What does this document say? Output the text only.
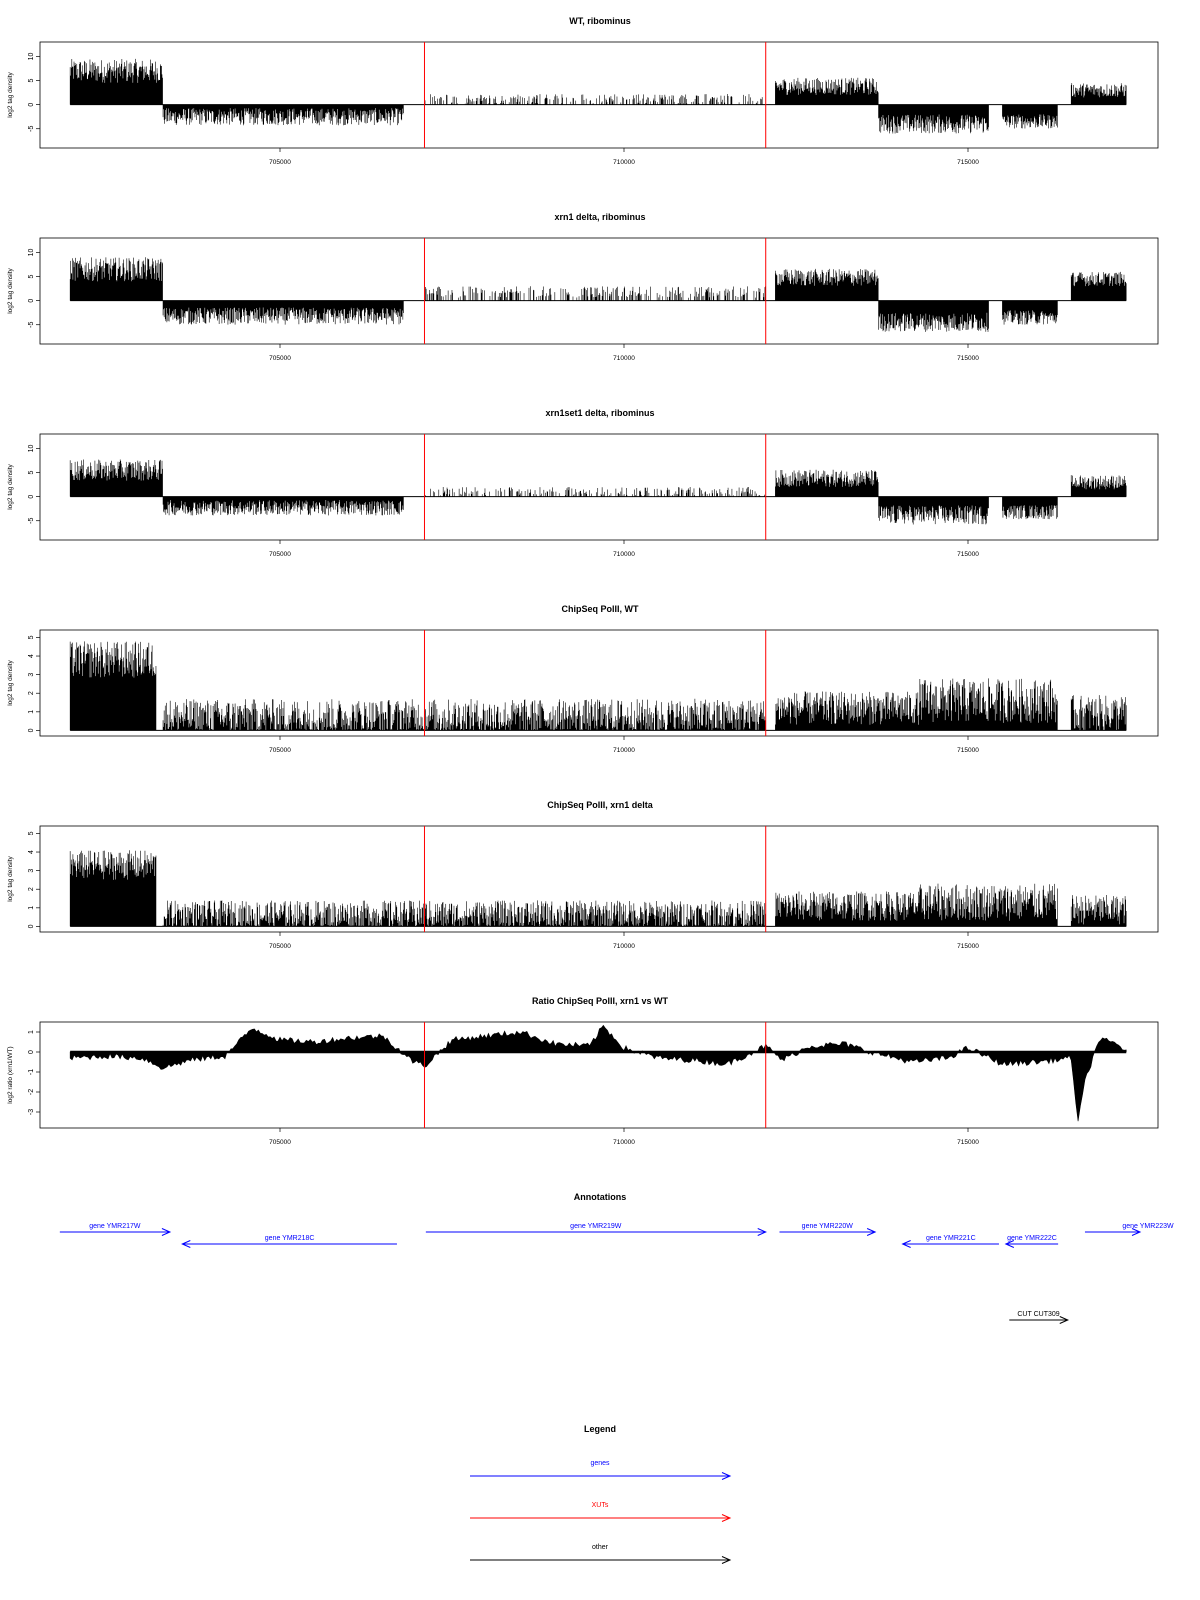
WT, ribominus
-5
0
5
10
log2 tag density
705000	710000	715000
xrn1 delta, ribominus
-5
0
5
10
log2 tag density
705000	710000	715000
xrn1set1 delta, ribominus
-5
0
5
10
log2 tag density
705000	710000	715000
ChipSeq PolII, WT
0
1
2
3
4
5
log2 tag density
705000	710000	715000
ChipSeq PolII, xrn1 delta
0
1
2
3
4
5
log2 tag density
705000	710000	715000
Ratio ChipSeq PolII, xrn1 vs WT
-3
-2
-1
0
1
log2 ratio (xrn1/WT)
705000	710000	715000
Annotations
gene YMR217W
gene YMR218C
gene YMR219W	gene YMR220W
gene YMR221C	gene YMR222C
gene YMR223W
CUT CUT309
Legend
genes
XUTs
other
